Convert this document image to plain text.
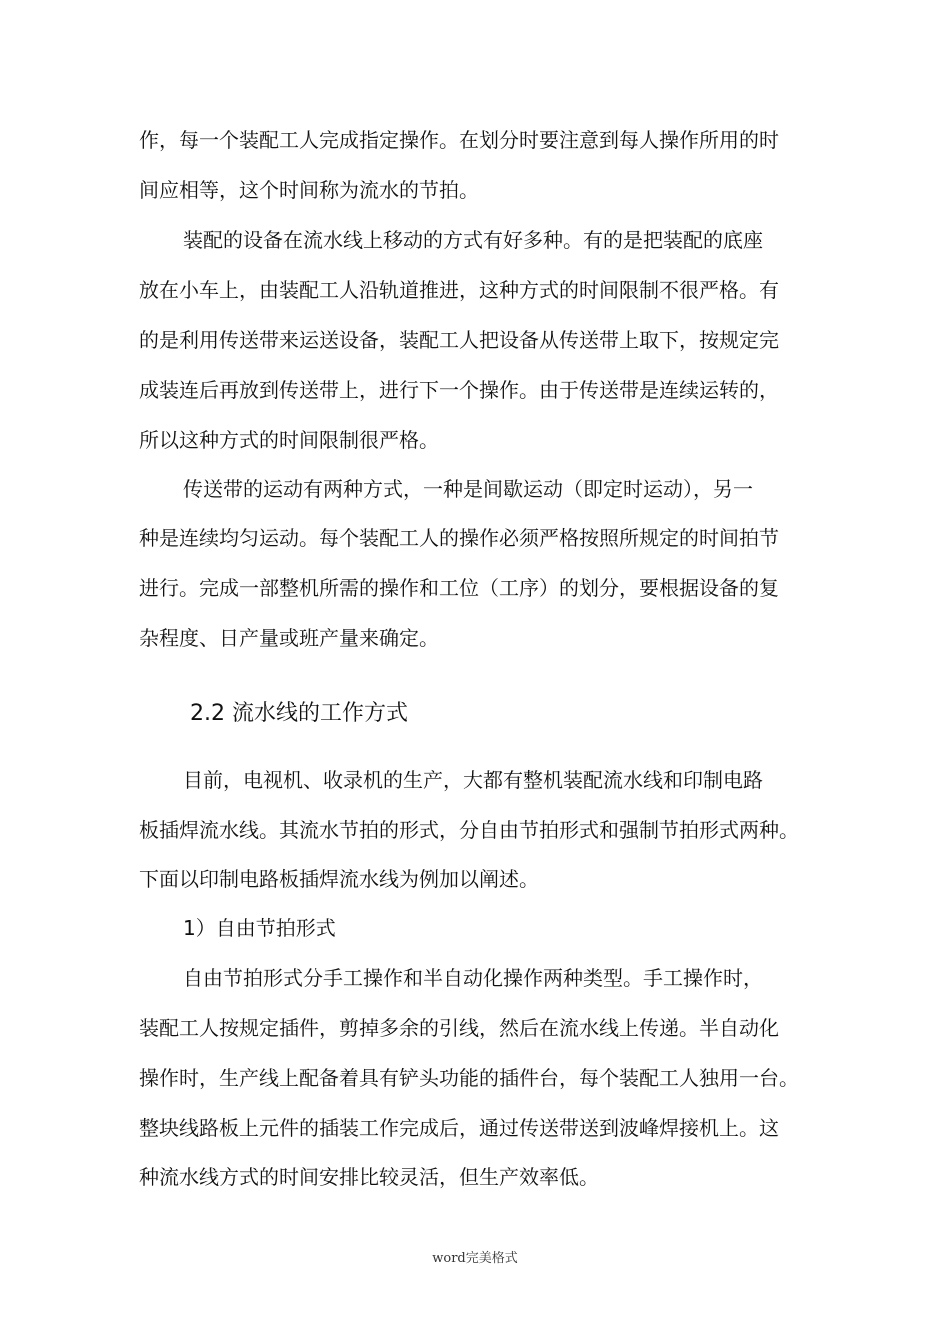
作，每一个装配工人完成指定操作。在划分时要注意到每人操作所用的时
间应相等，这个时间称为流水的节拍。
装配的设备在流水线上移动的方式有好多种。有的是把装配的底座
放在小车上，由装配工人沿轨道推进，这种方式的时间限制不很严格。有
的是利用传送带来运送设备，装配工人把设备从传送带上取下，按规定完
成装连后再放到传送带上，进行下一个操作。由于传送带是连续运转的，
所以这种方式的时间限制很严格。
传送带的运动有两种方式，一种是间歇运动（即定时运动），另一
种是连续均匀运动。每个装配工人的操作必须严格按照所规定的时间拍节
进行。完成一部整机所需的操作和工位（工序）的划分，要根据设备的复
杂程度、日产量或班产量来确定。
2.2 流水线的工作方式
目前，电视机、收录机的生产，大都有整机装配流水线和印制电路
板插焊流水线。其流水节拍的形式，分自由节拍形式和强制节拍形式两种。
下面以印制电路板插焊流水线为例加以阐述。
1）自由节拍形式
自由节拍形式分手工操作和半自动化操作两种类型。手工操作时，
装配工人按规定插件，剪掉多余的引线，然后在流水线上传递。半自动化
操作时，生产线上配备着具有铲头功能的插件台，每个装配工人独用一台。
整块线路板上元件的插装工作完成后，通过传送带送到波峰焊接机上。这
种流水线方式的时间安排比较灵活，但生产效率低。
word完美格式
